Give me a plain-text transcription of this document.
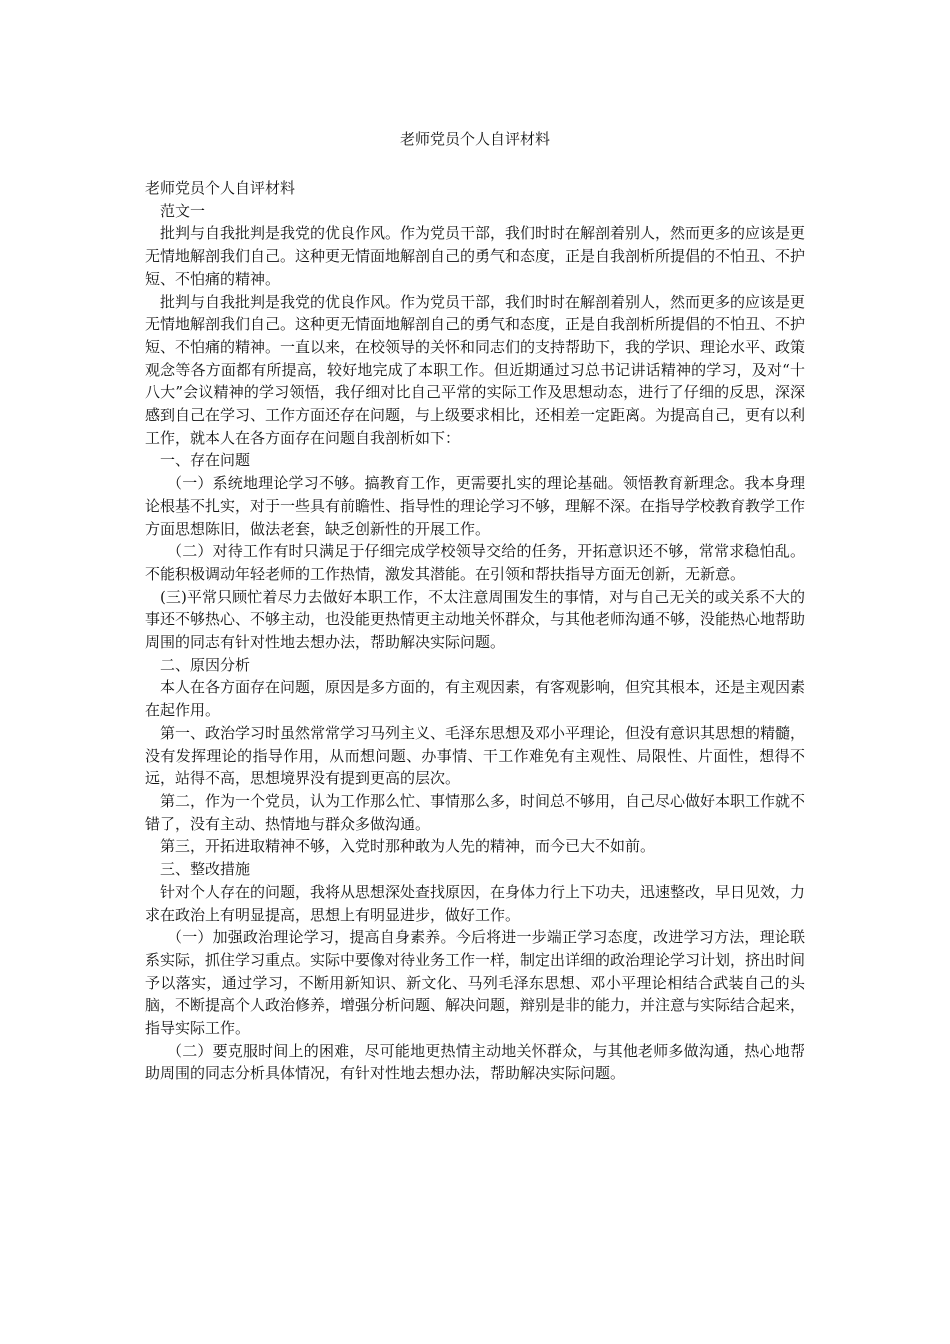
老师党员个人自评材料

老师党员个人自评材料

范文一

批判与自我批判是我党的优良作风。作为党员干部，我们时时在解剖着别人，然而更多的应该是更无情地解剖我们自己。这种更无情面地解剖自己的勇气和态度，正是自我剖析所提倡的不怕丑、不护短、不怕痛的精神。

批判与自我批判是我党的优良作风。作为党员干部，我们时时在解剖着别人，然而更多的应该是更无情地解剖我们自己。这种更无情面地解剖自己的勇气和态度，正是自我剖析所提倡的不怕丑、不护短、不怕痛的精神。一直以来，在校领导的关怀和同志们的支持帮助下，我的学识、理论水平、政策观念等各方面都有所提高，较好地完成了本职工作。但近期通过习总书记讲话精神的学习，及对“十八大”会议精神的学习领悟，我仔细对比自己平常的实际工作及思想动态，进行了仔细的反思，深深感到自己在学习、工作方面还存在问题，与上级要求相比，还相差一定距离。为提高自己，更有以利工作，就本人在各方面存在问题自我剖析如下：

一、存在问题

（一）系统地理论学习不够。搞教育工作，更需要扎实的理论基础。领悟教育新理念。我本身理论根基不扎实，对于一些具有前瞻性、指导性的理论学习不够，理解不深。在指导学校教育教学工作方面思想陈旧，做法老套，缺乏创新性的开展工作。

（二）对待工作有时只满足于仔细完成学校领导交给的任务，开拓意识还不够，常常求稳怕乱。不能积极调动年轻老师的工作热情，激发其潜能。在引领和帮扶指导方面无创新，无新意。

(三)平常只顾忙着尽力去做好本职工作，不太注意周围发生的事情，对与自己无关的或关系不大的事还不够热心、不够主动，也没能更热情更主动地关怀群众，与其他老师沟通不够，没能热心地帮助周围的同志有针对性地去想办法，帮助解决实际问题。

二、原因分析

本人在各方面存在问题，原因是多方面的，有主观因素，有客观影响，但究其根本，还是主观因素在起作用。

第一、政治学习时虽然常常学习马列主义、毛泽东思想及邓小平理论，但没有意识其思想的精髓，没有发挥理论的指导作用，从而想问题、办事情、干工作难免有主观性、局限性、片面性，想得不远，站得不高，思想境界没有提到更高的层次。

第二，作为一个党员，认为工作那么忙、事情那么多，时间总不够用，自己尽心做好本职工作就不错了，没有主动、热情地与群众多做沟通。

第三，开拓进取精神不够，入党时那种敢为人先的精神，而今已大不如前。

三、整改措施

针对个人存在的问题，我将从思想深处查找原因，在身体力行上下功夫，迅速整改，早日见效，力求在政治上有明显提高，思想上有明显进步，做好工作。

（一）加强政治理论学习，提高自身素养。今后将进一步端正学习态度，改进学习方法，理论联系实际，抓住学习重点。实际中要像对待业务工作一样，制定出详细的政治理论学习计划，挤出时间予以落实，通过学习，不断用新知识、新文化、马列毛泽东思想、邓小平理论相结合武装自己的头脑，不断提高个人政治修养，增强分析问题、解决问题，辩别是非的能力，并注意与实际结合起来，指导实际工作。

（二）要克服时间上的困难，尽可能地更热情主动地关怀群众，与其他老师多做沟通，热心地帮助周围的同志分析具体情况，有针对性地去想办法，帮助解决实际问题。
